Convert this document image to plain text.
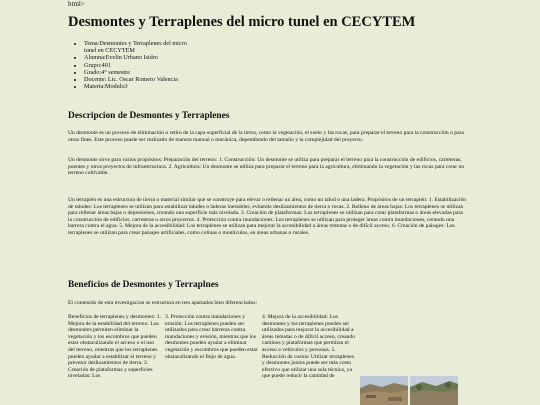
html>
Desmontes y Terraplenes del micro tunel en CECYTEM
• Tema:Desmontes y Terraplenes del micro tunel en CECYTEM
• Alumna:Evelin Urbano Isidro
• Grupo:401
• Grado:4° semestre
• Docente: Lic. Oscar Romero Valencia
• Materia:Modulo3
Descripcion de Desmontes y Terraplenes

Un desmonte es un proceso de eliminación o retiro de la capa superficial de la tierra, como la vegetación, el suelo y las rocas, para preparar el terreno para la construcción o para otros fines. Este proceso puede ser realizado de manera manual o mecánica, dependiendo del tamaño y la complejidad del proyecto.

Un desmonte sirve para varios propósitos: Preparación del terreno: 1. Construcción: Un desmonte se utiliza para preparar el terreno para la construcción de edificios, carreteras, puentes y otros proyectos de infraestructura. 2. Agricultura: Un desmonte se utiliza para preparar el terreno para la agricultura, eliminando la vegetación y las rocas para crear un terreno cultivable.

Un terraplén es una estructura de tierra o material similar que se construye para elevar o rellenar un área, como un talud o una ladera. Propósitos de un terraplén: 1. Estabilización de taludes: Los terraplenes se utilizan para estabilizar taludes o laderas inestables, evitando deslizamientos de tierra o rocas. 2. Relleno de áreas bajas: Los terraplenes se utilizan para rellenar áreas bajas o depresiones, creando una superficie más nivelada. 3. Creación de plataformas: Los terraplenes se utilizan para crear plataformas o áreas elevadas para la construcción de edificios, carreteras u otros proyectos. 4. Protección contra inundaciones: Los terraplenes se utilizan para proteger áreas contra inundaciones, creando una barrera contra el agua. 5. Mejora de la accesibilidad: Los terraplenes se utilizan para mejorar la accesibilidad a áreas remotas o de difícil acceso. 6. Creación de paisajes: Los terraplenes se utilizan para crear paisajes artificiales, como colinas o montículos, en áreas urbanas o rurales.

Beneficios de Desmontes y Terraplnes

El contenido de esta investigacion se estructura en tres apartados bien diferenciados:

Beneficios de terraplenes y desmontes: 1. Mejora de la estabilidad del terreno: Los desmontes permiten eliminar la vegetación y los escombros que pueden estar obstaculizando el acceso o el uso del terreno, mientras que los terraplenes pueden ayudar a estabilizar el terreno y prevenir deslizamientos de tierra. 2. Creación de plataformas y superficies niveladas: Los

3. Protección contra inundaciones y erosión: Los terraplenes pueden ser utilizados para crear barreras contra inundaciones y erosión, mientras que los desmontes pueden ayudar a eliminar vegetación y escombros que pueden estar obstaculizando el flujo de agua.

4. Mejora de la accesibilidad: Los desmontes y los terraplenes pueden ser utilizados para mejorar la accesibilidad a áreas remotas o de difícil acceso, creando caminos y plataformas que permitan el acceso a vehículos y personas. 5. Reducción de costos: Utilizar terraplenes y desmontes juntos puede ser más costo efectivo que utilizar una sola técnica, ya que puede reducir la cantidad de
